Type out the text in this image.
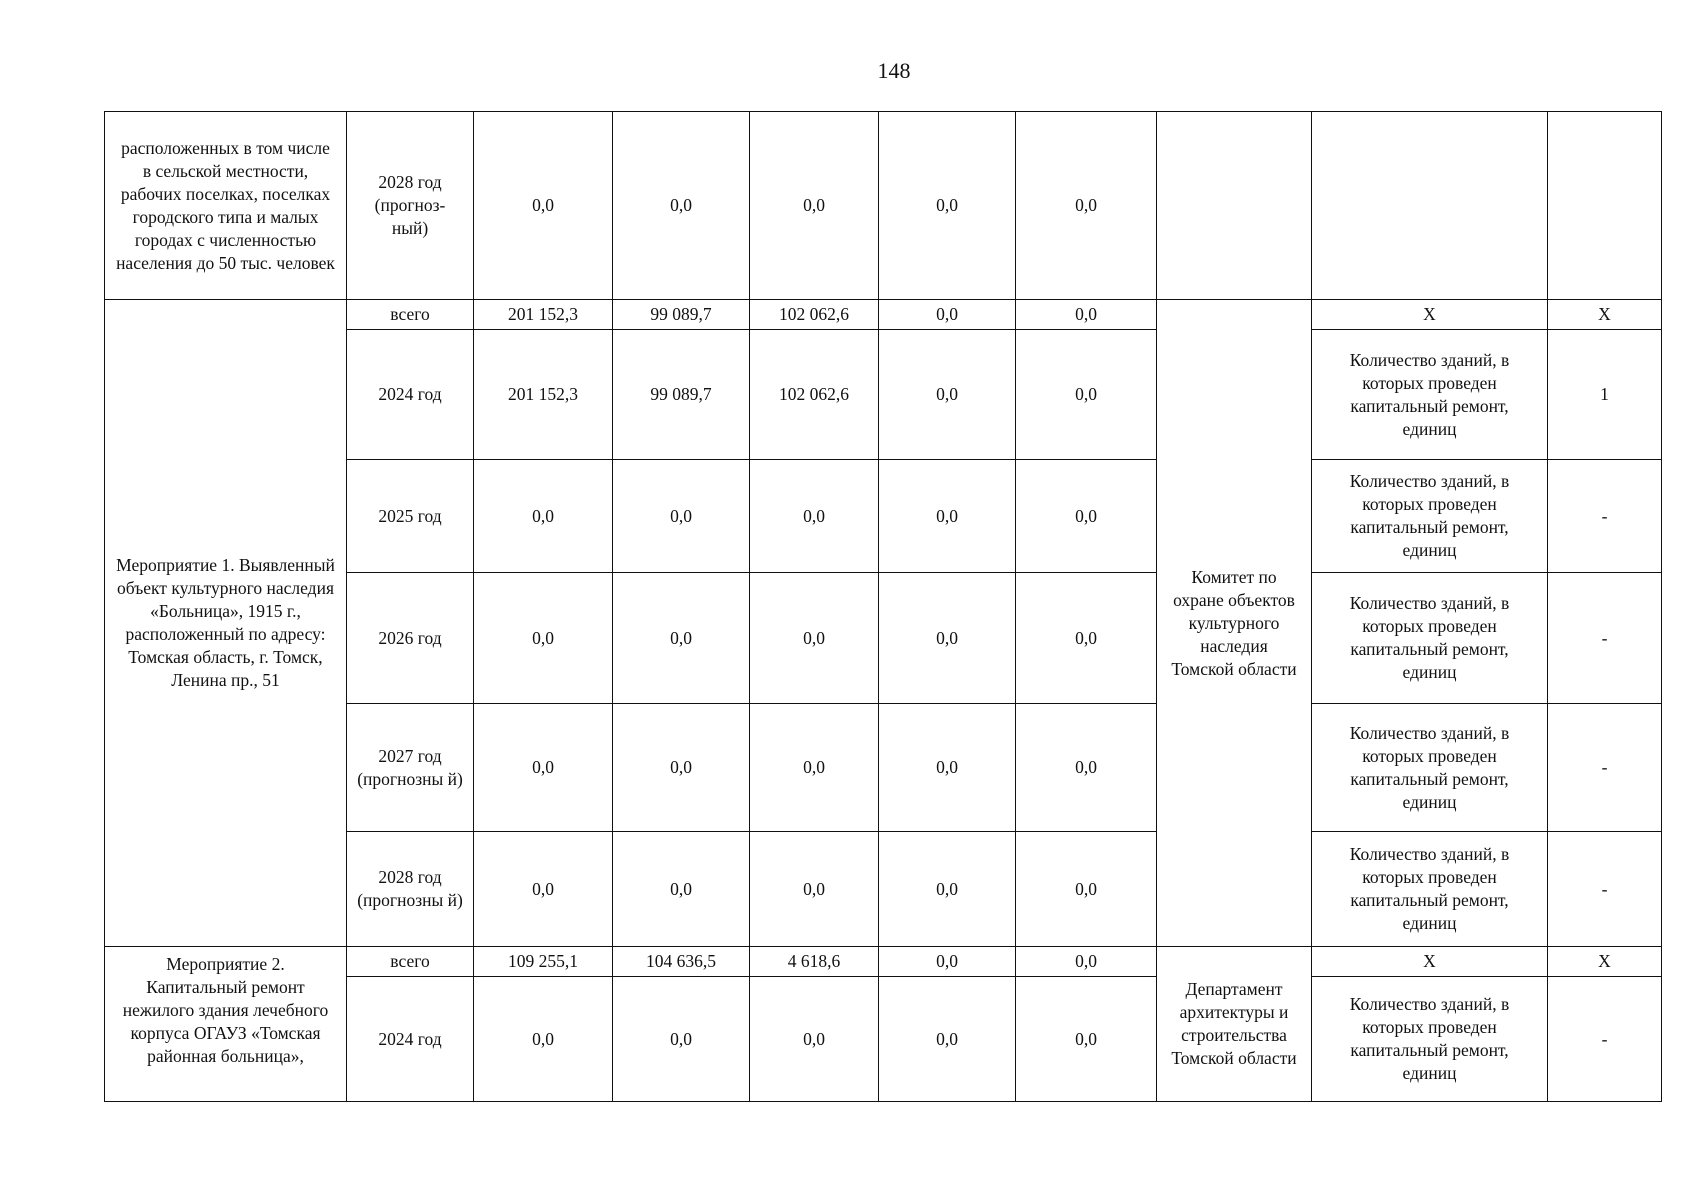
148
расположенных в том числе в сельской местности, рабочих поселках, поселках городского типа и малых городах с численностью населения до 50 тыс. человек	2028 год (прогноз-ный)	0,0	0,0	0,0	0,0	0,0			
Мероприятие 1. Выявленный объект культурного наследия «Больница», 1915 г., расположенный по адресу: Томская область, г. Томск, Ленина пр., 51	всего	201 152,3	99 089,7	102 062,6	0,0	0,0	Комитет по охране объектов культурного наследия Томской области	X	X
	2024 год	201 152,3	99 089,7	102 062,6	0,0	0,0		Количество зданий, в которых проведен капитальный ремонт, единиц	1
	2025 год	0,0	0,0	0,0	0,0	0,0		Количество зданий, в которых проведен капитальный ремонт, единиц	-
	2026 год	0,0	0,0	0,0	0,0	0,0		Количество зданий, в которых проведен капитальный ремонт, единиц	-
	2027 год (прогнозны й)	0,0	0,0	0,0	0,0	0,0		Количество зданий, в которых проведен капитальный ремонт, единиц	-
	2028 год (прогнозны й)	0,0	0,0	0,0	0,0	0,0		Количество зданий, в которых проведен капитальный ремонт, единиц	-
Мероприятие 2. Капитальный ремонт нежилого здания лечебного корпуса ОГАУЗ «Томская районная больница»,	всего	109 255,1	104 636,5	4 618,6	0,0	0,0	Департамент архитектуры и строительства Томской области	X	X
	2024 год	0,0	0,0	0,0	0,0	0,0		Количество зданий, в которых проведен капитальный ремонт, единиц	-
